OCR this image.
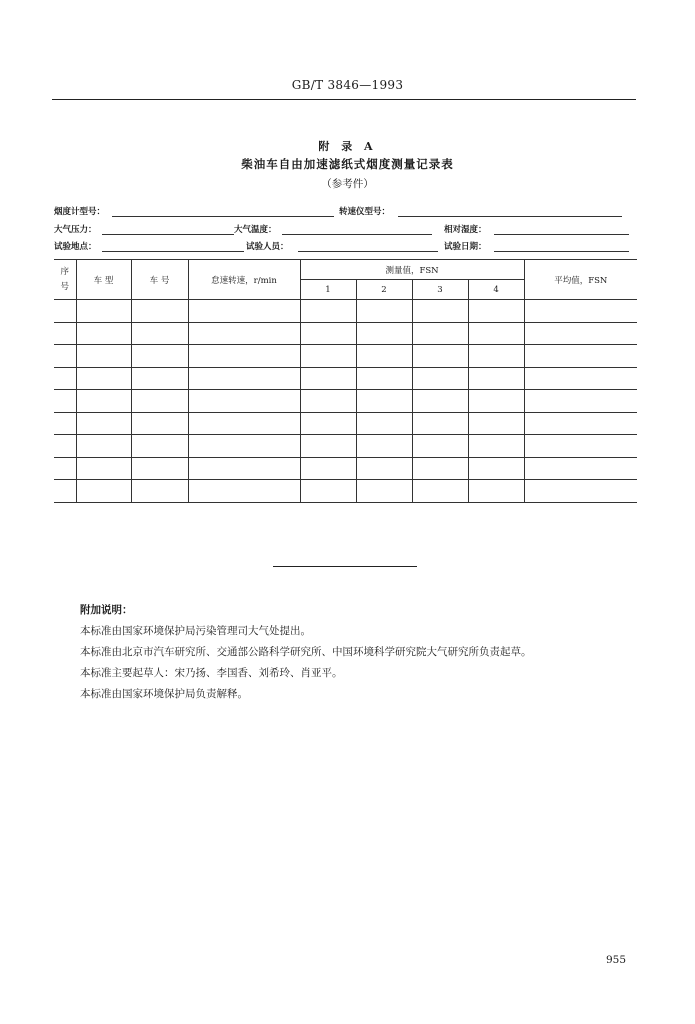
GB/T 3846—1993
附 录 A
柴油车自由加速滤纸式烟度测量记录表
（参考件）
烟度计型号：	转速仪型号：
大气压力：	大气温度：	相对湿度：
试验地点：	试验人员：	试验日期：
序
号	车 型	车 号	怠速转速，r/min	测量值，FSN				平均值，FSN
				1	2	3	4	

附加说明：
本标准由国家环境保护局污染管理司大气处提出。
本标准由北京市汽车研究所、交通部公路科学研究所、中国环境科学研究院大气研究所负责起草。
本标准主要起草人：宋乃扬、李国香、刘希玲、肖亚平。
本标准由国家环境保护局负责解释。
955
